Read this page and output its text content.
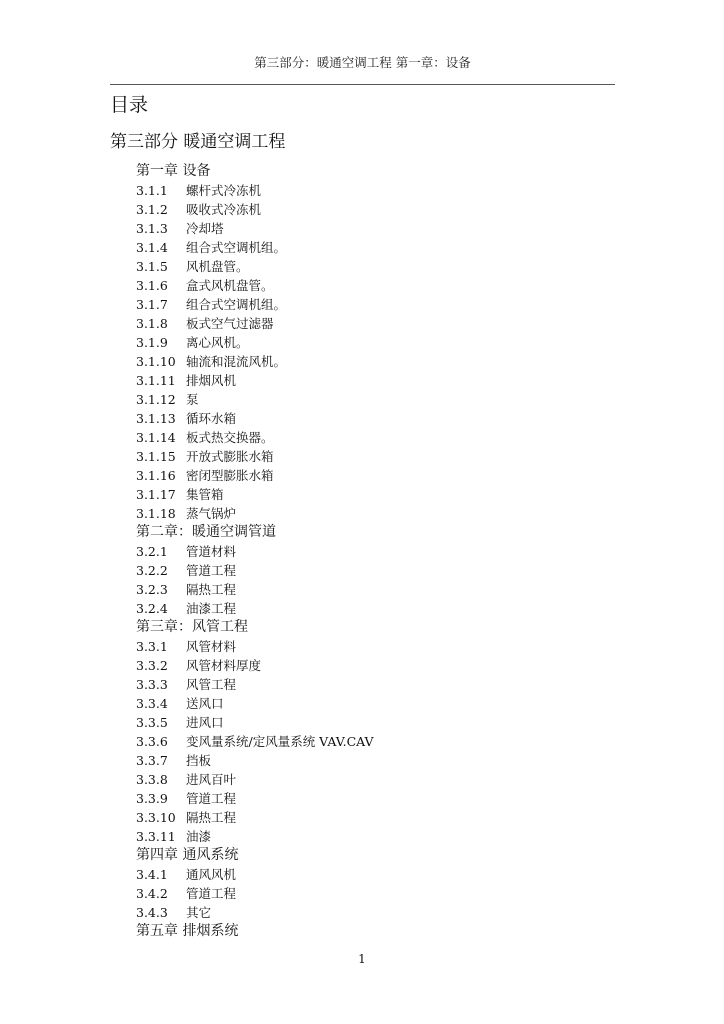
第三部分：暖通空调工程 第一章：设备
目录
第三部分 暖通空调工程
第一章 设备
3.1.1 螺杆式冷冻机
3.1.2 吸收式冷冻机
3.1.3 冷却塔
3.1.4 组合式空调机组。
3.1.5 风机盘管。
3.1.6 盒式风机盘管。
3.1.7 组合式空调机组。
3.1.8 板式空气过滤器
3.1.9 离心风机。
3.1.10 轴流和混流风机。
3.1.11 排烟风机
3.1.12 泵
3.1.13 循环水箱
3.1.14 板式热交换器。
3.1.15 开放式膨胀水箱
3.1.16 密闭型膨胀水箱
3.1.17 集管箱
3.1.18 蒸气锅炉
第二章：暖通空调管道
3.2.1 管道材料
3.2.2 管道工程
3.2.3 隔热工程
3.2.4 油漆工程
第三章：风管工程
3.3.1 风管材料
3.3.2 风管材料厚度
3.3.3 风管工程
3.3.4 送风口
3.3.5 进风口
3.3.6 变风量系统/定风量系统 VAV.CAV
3.3.7 挡板
3.3.8 进风百叶
3.3.9 管道工程
3.3.10 隔热工程
3.3.11 油漆
第四章 通风系统
3.4.1 通风风机
3.4.2 管道工程
3.4.3 其它
第五章 排烟系统
1
